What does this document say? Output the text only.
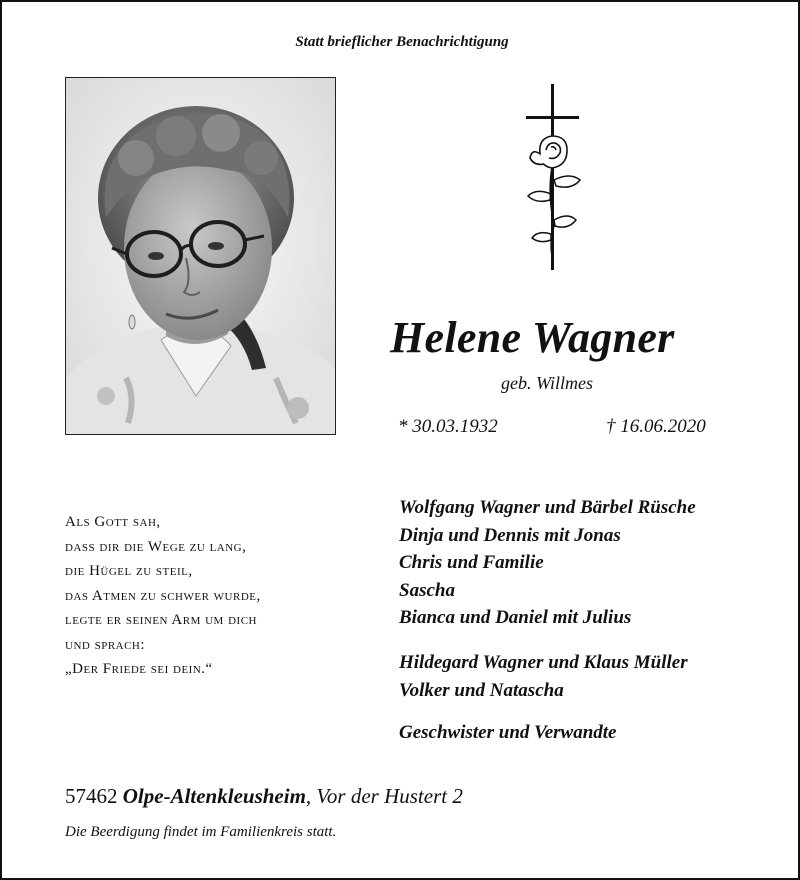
Statt brieflicher Benachrichtigung
Helene Wagner
geb. Willmes
* 30.03.1932	† 16.06.2020
Als Gott sah,
dass dir die Wege zu lang,
die Hügel zu steil,
das Atmen zu schwer wurde,
legte er seinen Arm um dich
und sprach:
„Der Friede sei dein.“
Wolfgang Wagner und Bärbel Rüsche
Dinja und Dennis mit Jonas
Chris und Familie
Sascha
Bianca und Daniel mit Julius
Hildegard Wagner und Klaus Müller
Volker und Natascha
Geschwister und Verwandte
57462 Olpe-Altenkleusheim, Vor der Hustert 2
Die Beerdigung findet im Familienkreis statt.
